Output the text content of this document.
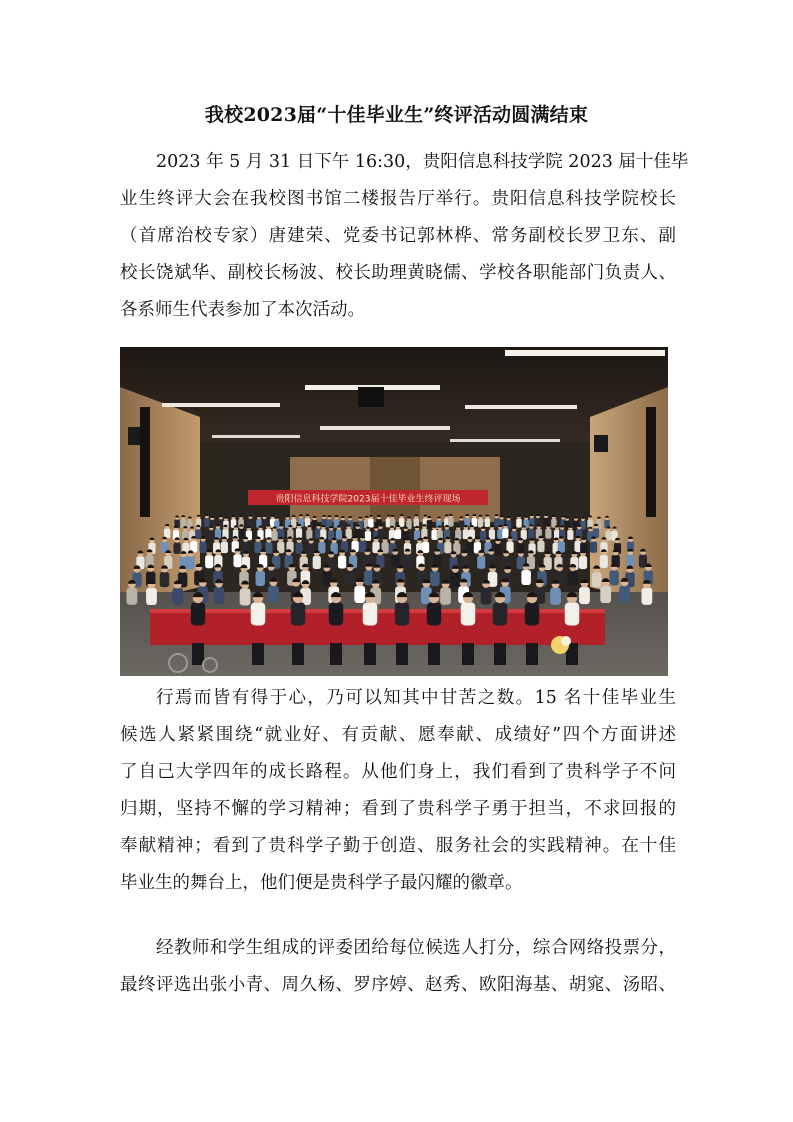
我校2023届“十佳毕业生”终评活动圆满结束

2023 年 5 月 31 日下午 16:30，贵阳信息科技学院 2023 届十佳毕
业生终评大会在我校图书馆二楼报告厅举行。贵阳信息科技学院校长
（首席治校专家）唐建荣、党委书记郭林桦、常务副校长罗卫东、副
校长饶斌华、副校长杨波、校长助理黄晓儒、学校各职能部门负责人、
各系师生代表参加了本次活动。

贵阳信息科技学院2023届十佳毕业生终评现场

行焉而皆有得于心，乃可以知其中甘苦之数。15 名十佳毕业生
候选人紧紧围绕“就业好、有贡献、愿奉献、成绩好”四个方面讲述
了自己大学四年的成长路程。从他们身上，我们看到了贵科学子不问
归期，坚持不懈的学习精神；看到了贵科学子勇于担当，不求回报的
奉献精神；看到了贵科学子勤于创造、服务社会的实践精神。在十佳
毕业生的舞台上，他们便是贵科学子最闪耀的徽章。

经教师和学生组成的评委团给每位候选人打分，综合网络投票分，
最终评选出张小青、周久杨、罗序婷、赵秀、欧阳海基、胡窕、汤昭、
